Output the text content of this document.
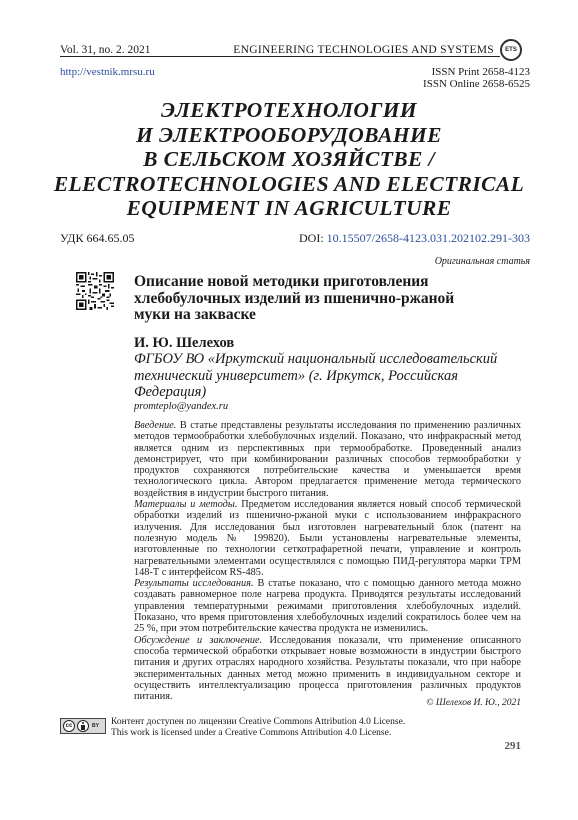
Vol. 31, no. 2. 2021	ENGINEERING TECHNOLOGIES AND SYSTEMS ETS
http://vestnik.mrsu.ru	ISSN Print 2658-4123
ISSN Online 2658-6525
ЭЛЕКТРОТЕХНОЛОГИИ
И ЭЛЕКТРООБОРУДОВАНИЕ
В СЕЛЬСКОМ ХОЗЯЙСТВЕ /
ELECTROTECHNOLOGIES AND ELECTRICAL
EQUIPMENT IN AGRICULTURE
УДК 664.65.05	DOI: 10.15507/2658-4123.031.202102.291-303
Оригинальная статья
Описание новой методики приготовления
хлебобулочных изделий из пшенично-ржаной
муки на закваске
И. Ю. Шелехов
ФГБОУ ВО «Иркутский национальный исследовательский
технический университет» (г. Иркутск, Российская
Федерация)
promteplo@yandex.ru

Введение. В статье представлены результаты исследования по применению различных методов термообработки хлебобулочных изделий. Показано, что инфракрасный метод является одним из перспективных при термообработке. Проведенный анализ демонстрирует, что при комбинировании различных способов термообработки у продуктов сохраняются потребительские качества и уменьшается время технологического цикла. Автором предлагается применение метода термического воздействия в индустрии быстрого питания.

Материалы и методы. Предметом исследования является новый способ термической обработки изделий из пшенично-ржаной муки с использованием инфракрасного излучения. Для исследования был изготовлен нагревательный блок (патент на полезную модель № 199820). Были установлены нагревательные элементы, изготовленные по технологии сеткотрафаретной печати, управление и контроль нагревательными элементами осуществлялся с помощью ПИД-регулятора марки ТРМ 148-Т с интерфейсом RS-485.

Результаты исследования. В статье показано, что с помощью данного метода можно создавать равномерное поле нагрева продукта. Приводятся результаты исследований управления температурными режимами приготовления хлебобулочных изделий. Показано, что время приготовления хлебобулочных изделий сократилось более чем на 25 %, при этом потребительские качества продукта не изменились.

Обсуждение и заключение. Исследования показали, что применение описанного способа термической обработки открывает новые возможности в индустрии быстрого питания и других отраслях народного хозяйства. Результаты показали, что при наборе экспериментальных данных метод можно применить в индивидуальном секторе и осуществить интеллектуализацию процесса приготовления различных продуктов питания.

© Шелехов И. Ю., 2021
cc	BY Контент доступен по лицензии Creative Commons Attribution 4.0 License.
This work is licensed under a Creative Commons Attribution 4.0 License.
291
